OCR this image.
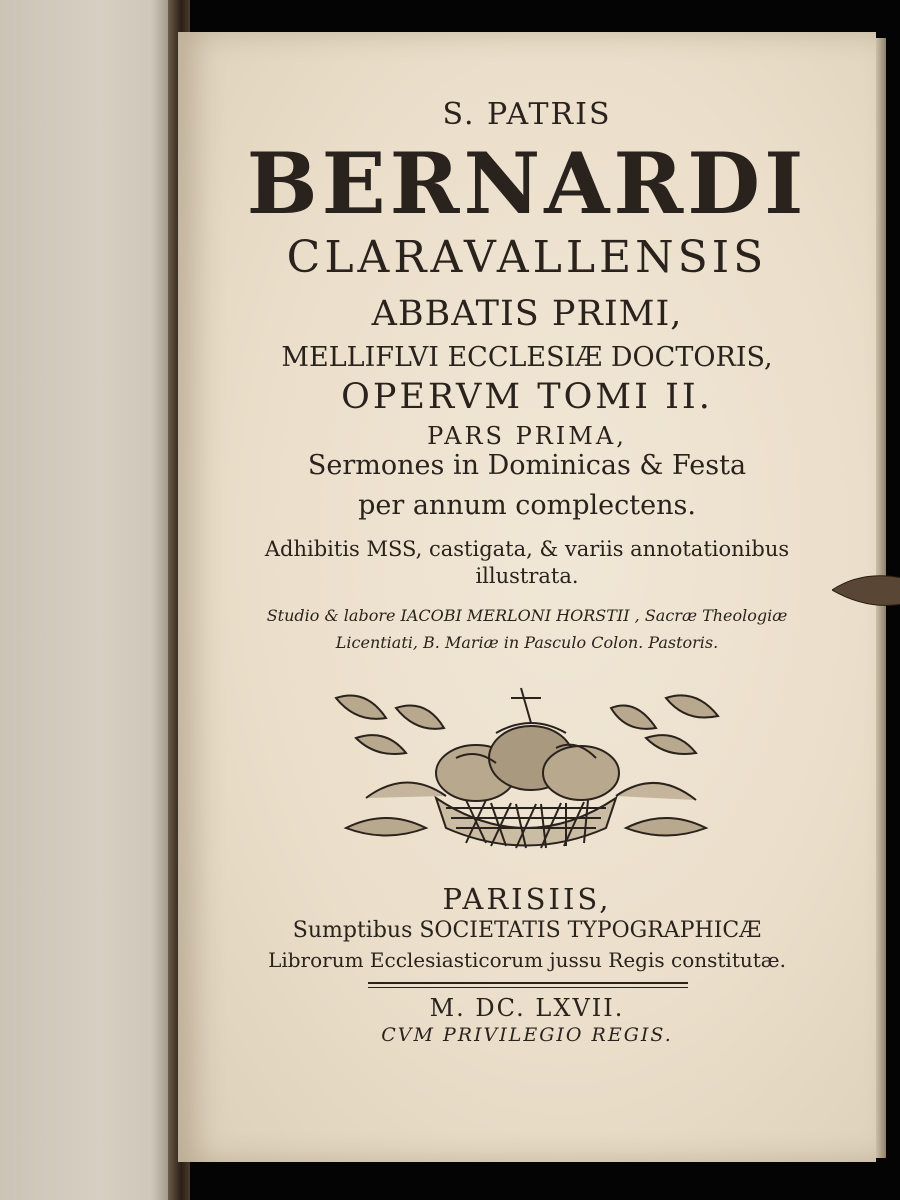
S. PATRIS
BERNARDI
CLARAVALLENSIS
ABBATIS PRIMI,
MELLIFLVI ECCLESIÆ DOCTORIS,
OPERVM TOMI II.
PARS PRIMA,
Sermones in Dominicas & Festa
per annum complectens.
Adhibitis MSS, castigata, & variis annotationibus
illustrata.
Studio & labore IACOBI MERLONI HORSTII , Sacræ Theologiæ
Licentiati, B. Mariæ in Pasculo Colon. Pastoris.
PARISIIS,
Sumptibus SOCIETATIS TYPOGRAPHICÆ
Librorum Ecclesiasticorum jussu Regis constitutæ.
M. DC. LXVII.
CVM PRIVILEGIO REGIS.
